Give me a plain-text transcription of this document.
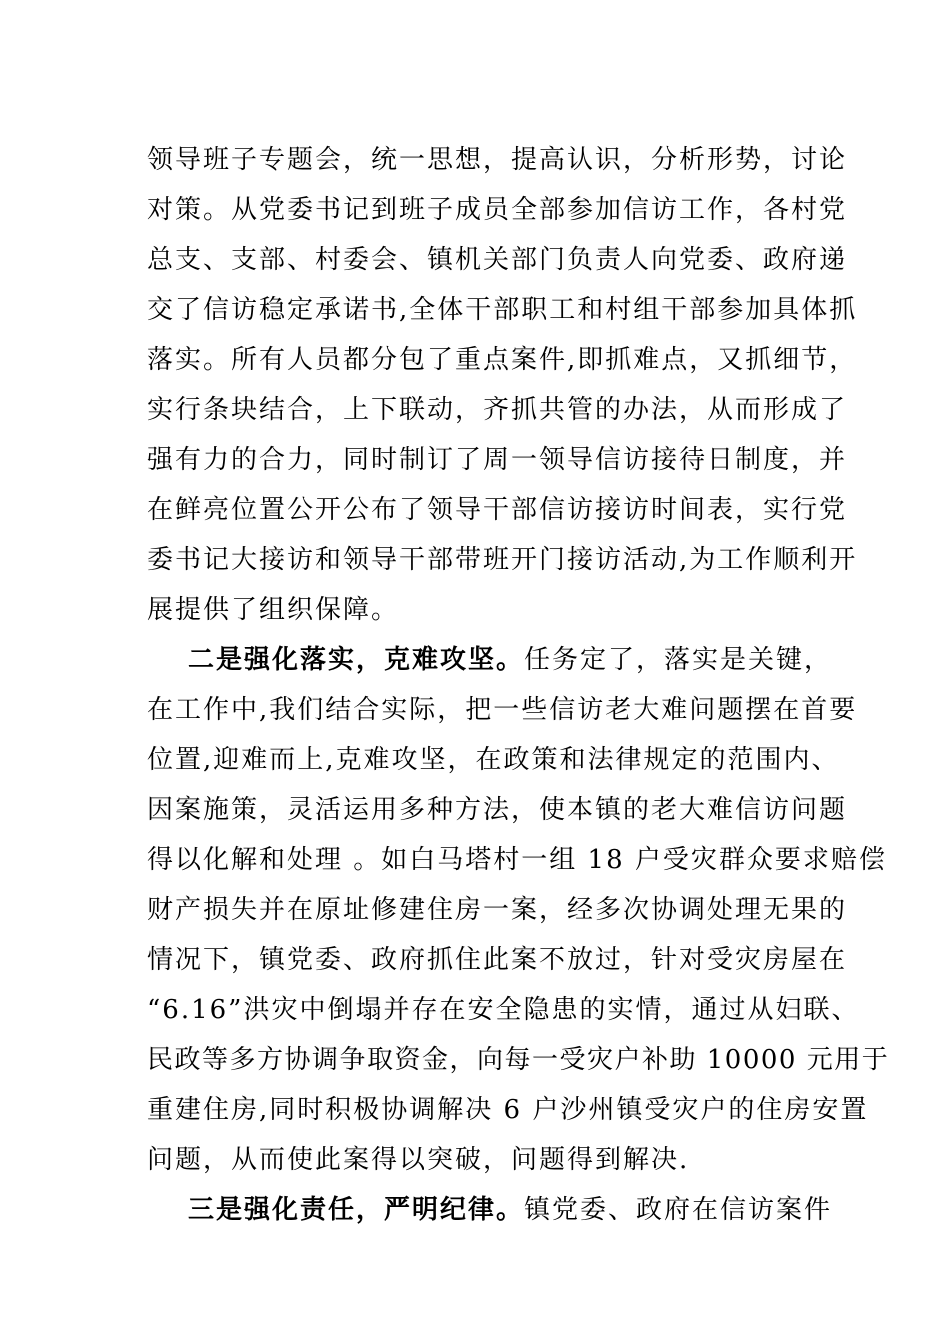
领导班子专题会，统一思想，提高认识，分析形势，讨论
对策。从党委书记到班子成员全部参加信访工作，各村党
总支、支部、村委会、镇机关部门负责人向党委、政府递
交了信访稳定承诺书,全体干部职工和村组干部参加具体抓
落实。所有人员都分包了重点案件,即抓难点，又抓细节，
实行条块结合，上下联动，齐抓共管的办法，从而形成了
强有力的合力，同时制订了周一领导信访接待日制度，并
在鲜亮位置公开公布了领导干部信访接访时间表，实行党
委书记大接访和领导干部带班开门接访活动,为工作顺利开
展提供了组织保障。
二是强化落实，克难攻坚。任务定了，落实是关键，
在工作中,我们结合实际，把一些信访老大难问题摆在首要
位置,迎难而上,克难攻坚，在政策和法律规定的范围内、
因案施策，灵活运用多种方法，使本镇的老大难信访问题
得以化解和处理 。如白马塔村一组 18 户受灾群众要求赔偿
财产损失并在原址修建住房一案，经多次协调处理无果的
情况下，镇党委、政府抓住此案不放过，针对受灾房屋在
“6.16”洪灾中倒塌并存在安全隐患的实情，通过从妇联、
民政等多方协调争取资金，向每一受灾户补助 10000 元用于
重建住房,同时积极协调解决 6 户沙州镇受灾户的住房安置
问题，从而使此案得以突破，问题得到解决.
三是强化责任，严明纪律。镇党委、政府在信访案件
